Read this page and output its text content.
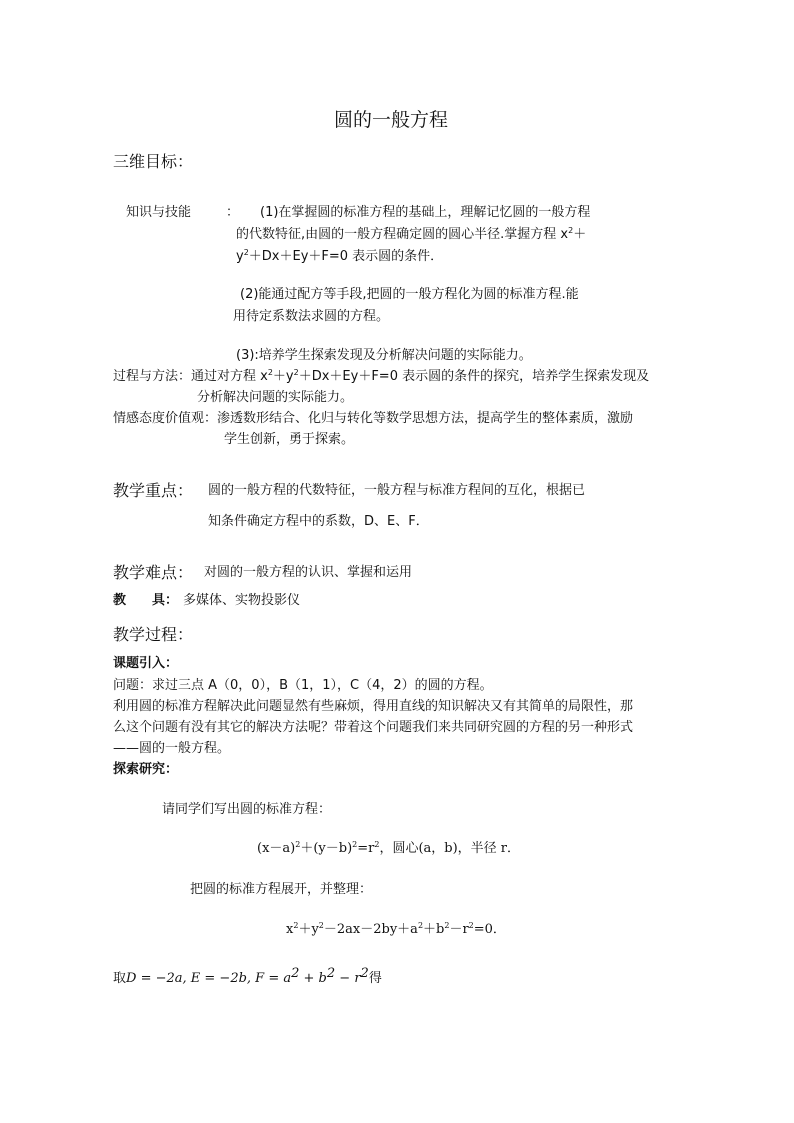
圆的一般方程
三维目标：
知识与技能	： (1)在掌握圆的标准方程的基础上，理解记忆圆的一般方程
的代数特征,由圆的一般方程确定圆的圆心半径.掌握方程 $x^2+$
$y^2+Dx+Ey+F=0$ 表示圆的条件．
(2)能通过配方等手段,把圆的一般方程化为圆的标准方程.能
用待定系数法求圆的方程。
(3):培养学生探索发现及分析解决问题的实际能力。
过程与方法：通过对方程 $x^2+y^2+Dx+Ey+F=0$ 表示圆的条件的探究，培养学生探索发现及
分析解决问题的实际能力。
情感态度价值观：渗透数形结合、化归与转化等数学思想方法，提高学生的整体素质，激励
学生创新，勇于探索。
教学重点： 圆的一般方程的代数特征，一般方程与标准方程间的互化，根据已
知条件确定方程中的系数，D、E、F．
教学难点： 对圆的一般方程的认识、掌握和运用
教　　具： 多媒体、实物投影仪
教学过程：
课题引入：
问题：求过三点 A（0，0），B（1，1），C（4，2）的圆的方程。
利用圆的标准方程解决此问题显然有些麻烦，得用直线的知识解决又有其简单的局限性，那
么这个问题有没有其它的解决方法呢？带着这个问题我们来共同研究圆的方程的另一种形式
——圆的一般方程。
探索研究：
请同学们写出圆的标准方程：
$(x-a)^2+(y-b)^2=r^2$，圆心(a，b)，半径 r．
把圆的标准方程展开，并整理：
$x^2+y^2-2ax-2by+a^2+b^2-r^2=0$．
取D = −2a, E = −2b, $F = a^2 + b^2 - r^2$得
